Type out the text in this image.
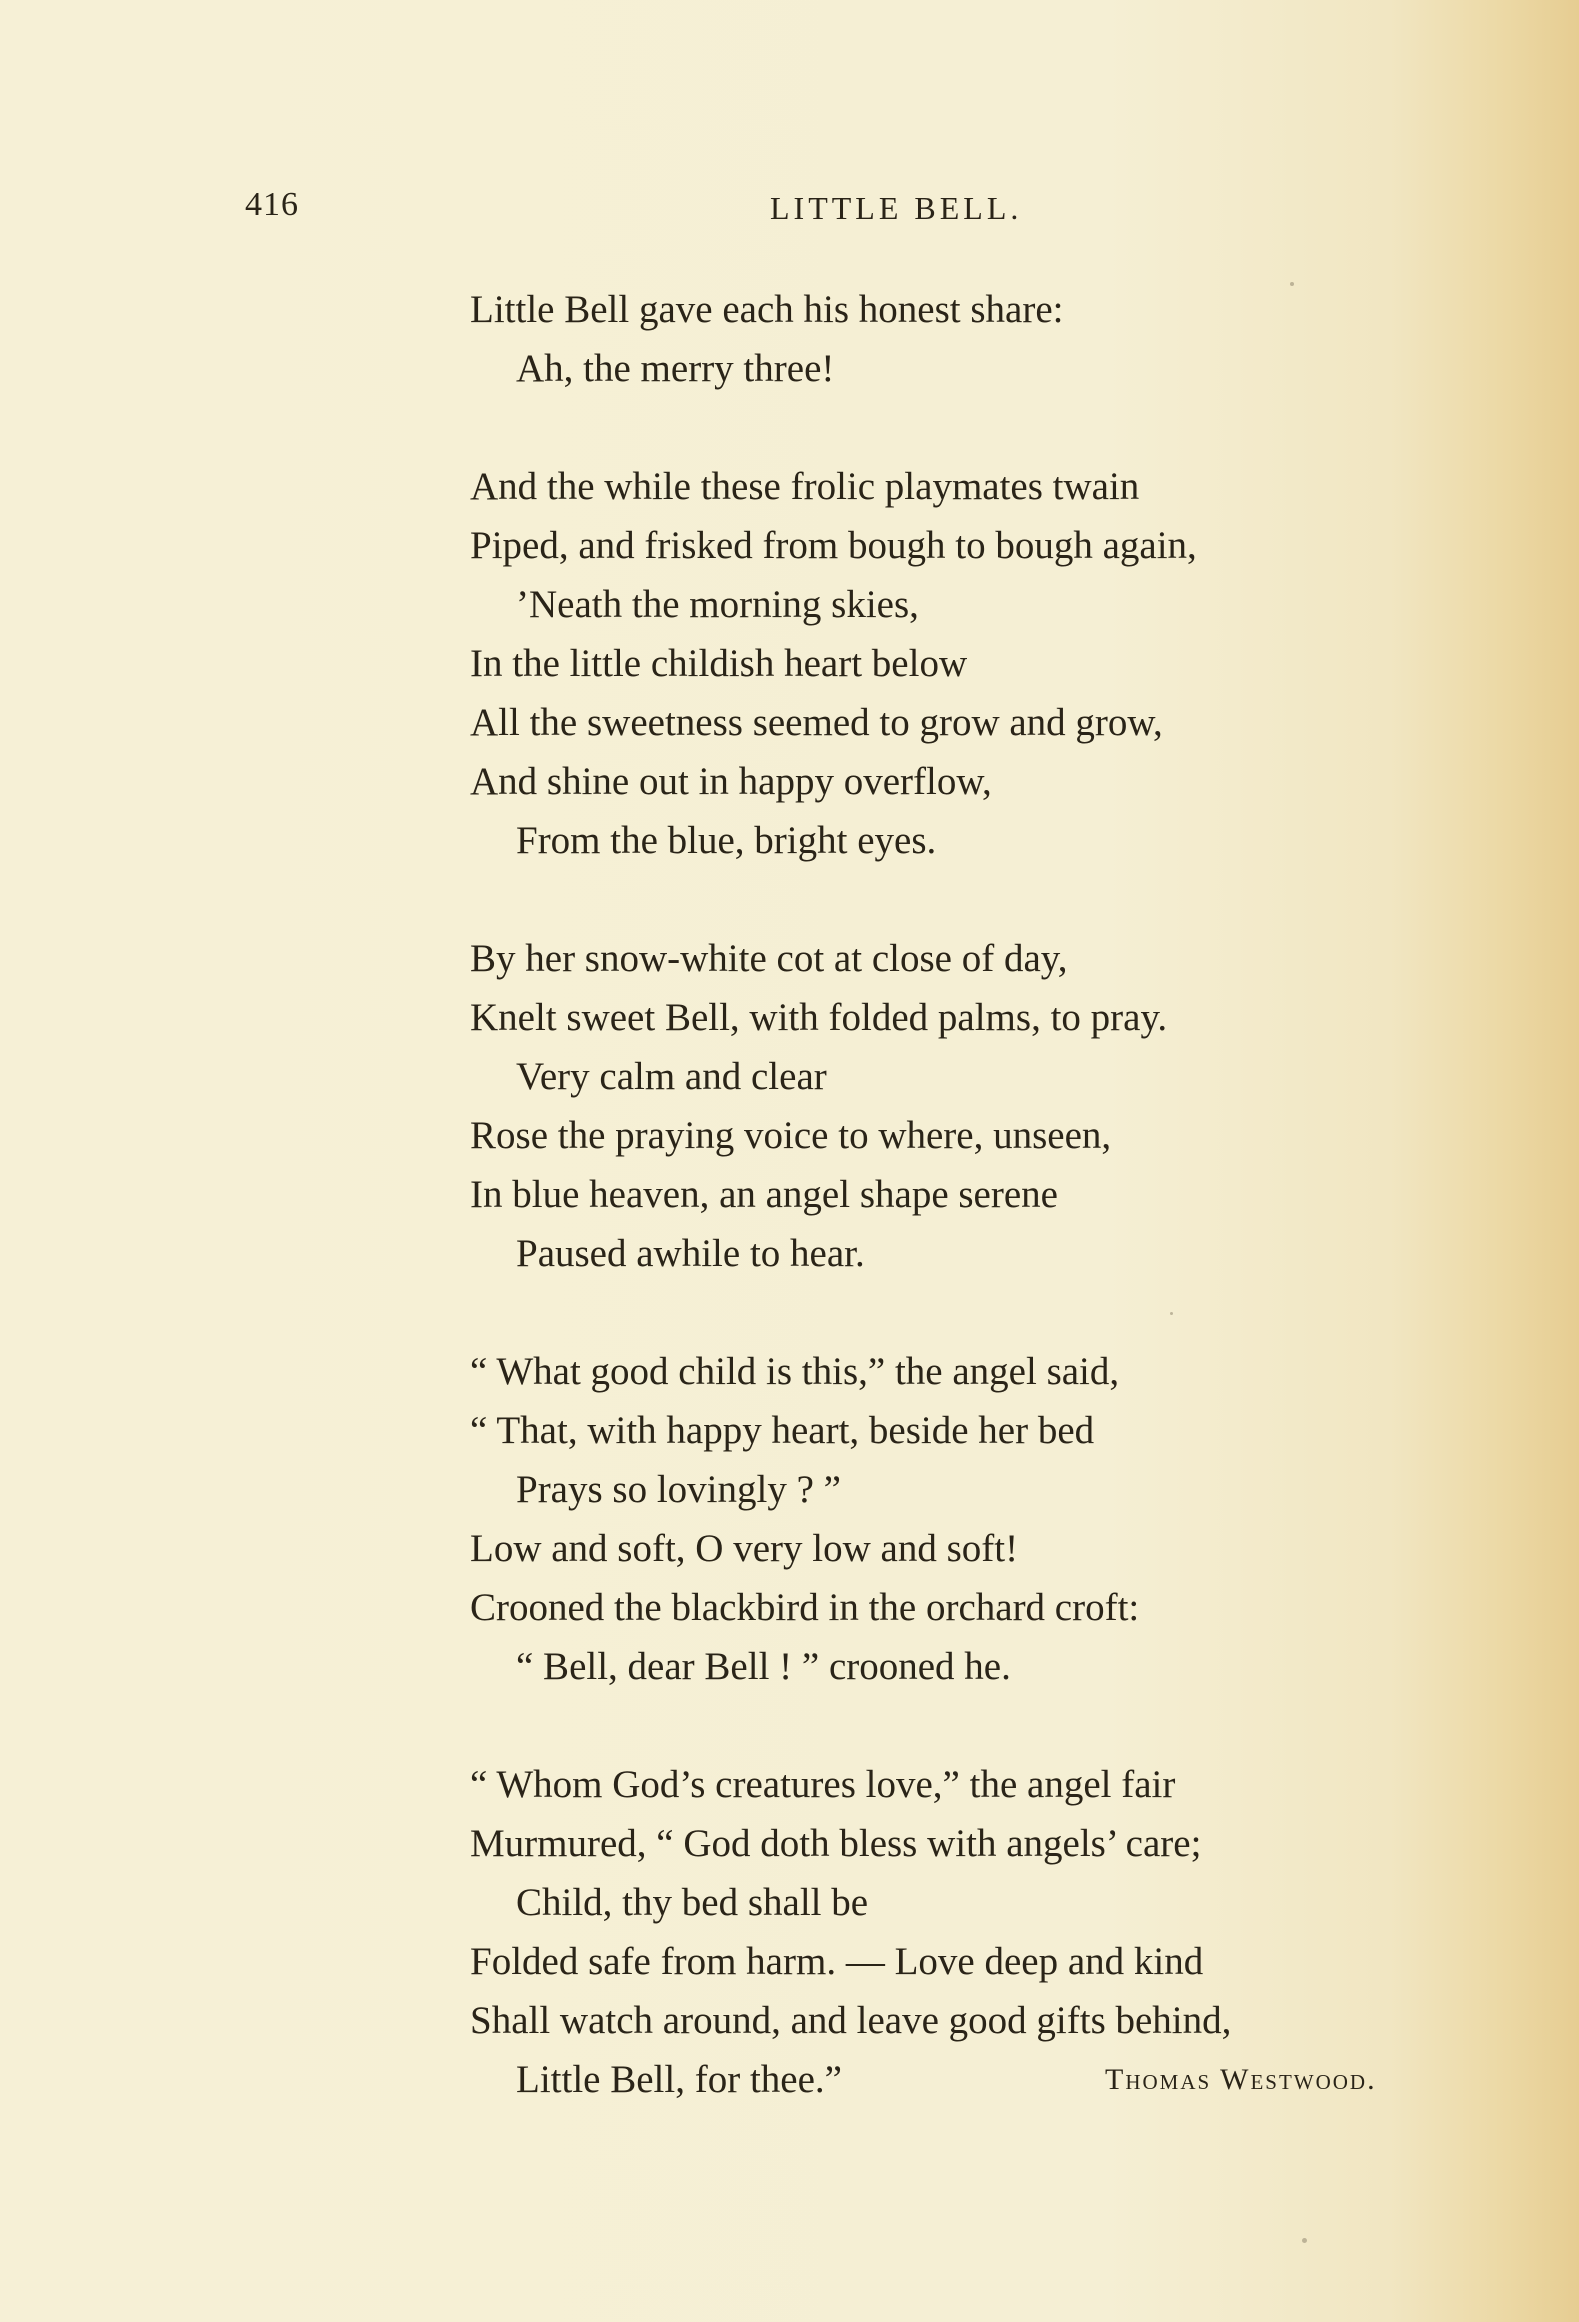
416	LITTLE BELL.
Little Bell gave each his honest share:
Ah, the merry three!
And the while these frolic playmates twain
Piped, and frisked from bough to bough again,
’Neath the morning skies,
In the little childish heart below
All the sweetness seemed to grow and grow,
And shine out in happy overflow,
From the blue, bright eyes.
By her snow-white cot at close of day,
Knelt sweet Bell, with folded palms, to pray.
Very calm and clear
Rose the praying voice to where, unseen,
In blue heaven, an angel shape serene
Paused awhile to hear.
“ What good child is this,” the angel said,
“ That, with happy heart, beside her bed
Prays so lovingly ? ”
Low and soft, O very low and soft!
Crooned the blackbird in the orchard croft:
“ Bell, dear Bell ! ” crooned he.
“ Whom God’s creatures love,” the angel fair
Murmured, “ God doth bless with angels’ care;
Child, thy bed shall be
Folded safe from harm. — Love deep and kind
Shall watch around, and leave good gifts behind,
Little Bell, for thee.”	Thomas Westwood.
